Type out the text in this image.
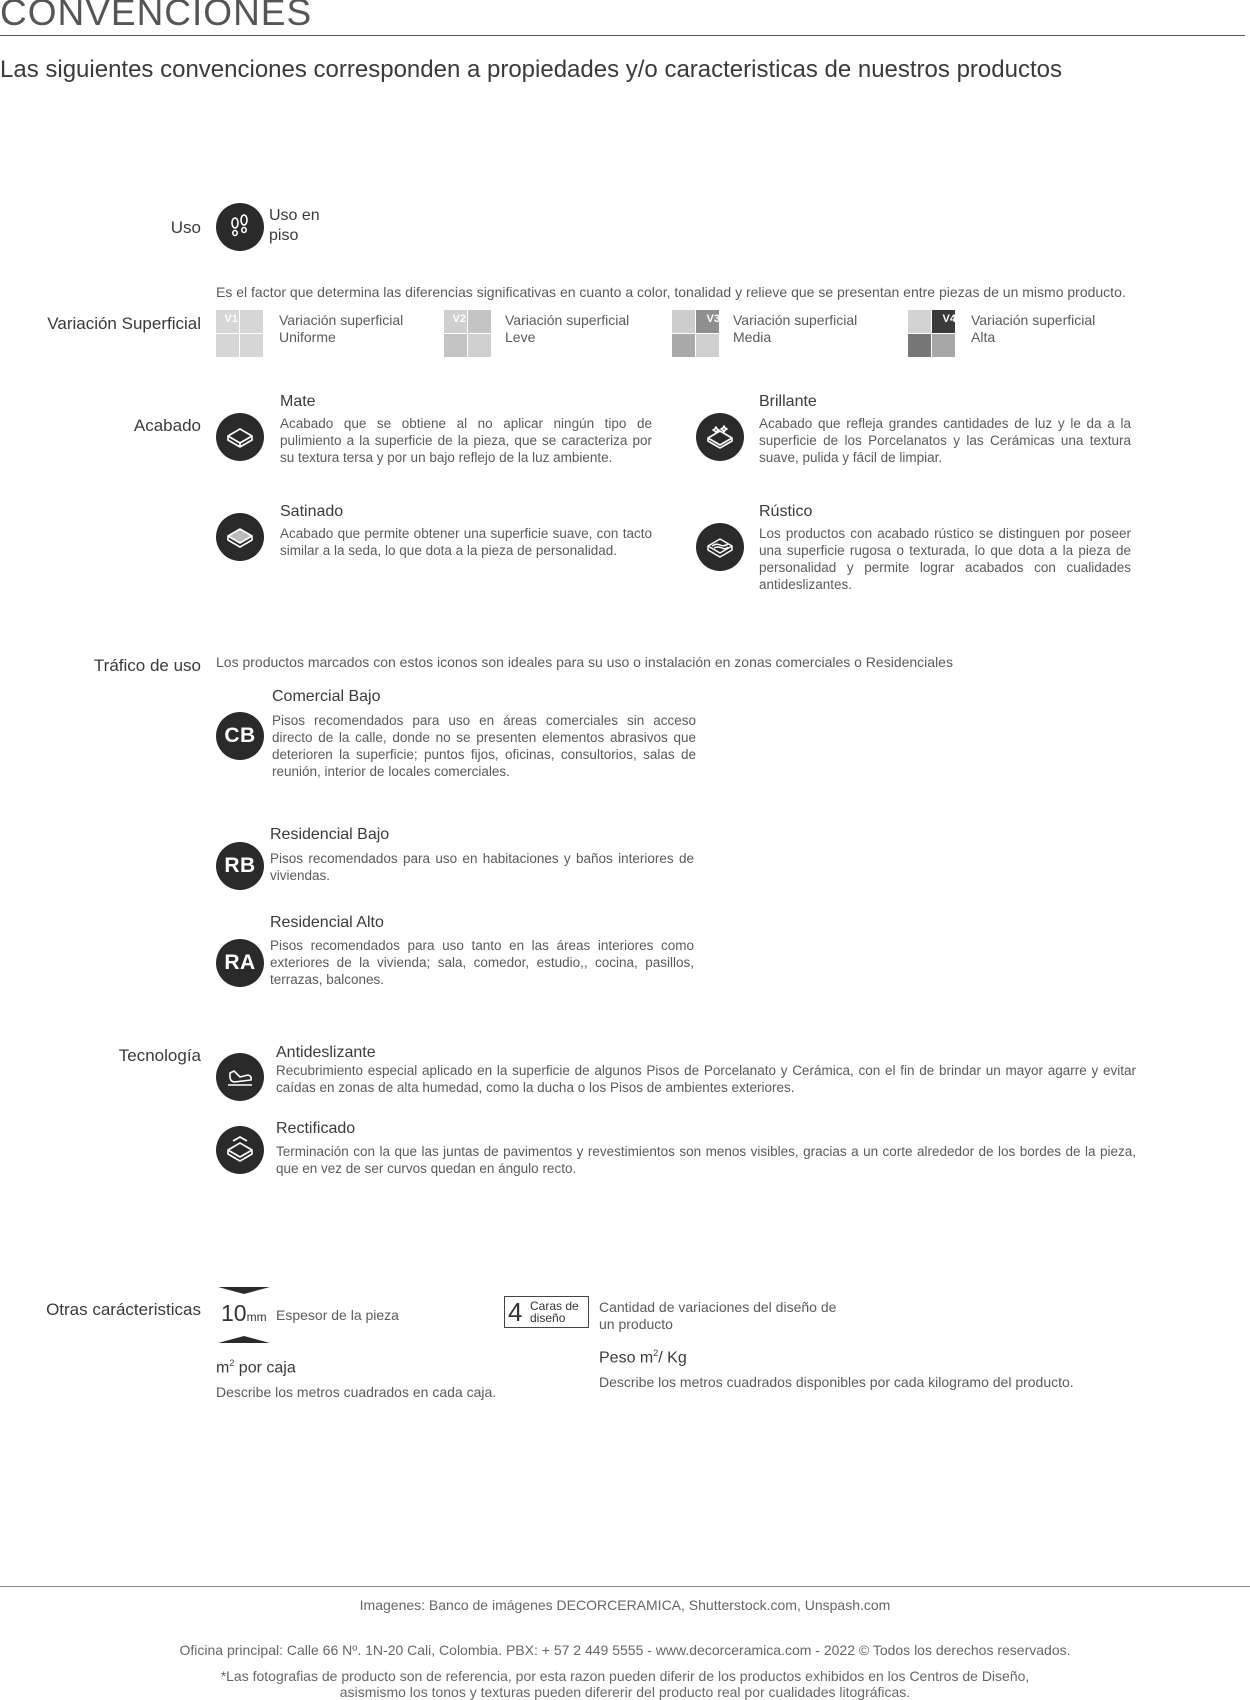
CONVENCIONES
Las siguientes convenciones corresponden a propiedades y/o caracteristicas de nuestros productos
Uso
Uso en
piso
Es el factor que determina las diferencias significativas en cuanto a color, tonalidad y relieve que se presentan entre piezas de un mismo producto.
Variación Superficial V1	Variación superficial
Uniforme
V2	Variación superficial
Leve
V3 Variación superficial
Media
V4 Variación superficial
Alta
Acabado
Mate
Acabado que se obtiene al no aplicar ningún tipo de pulimiento a la superficie de la pieza, que se caracteriza por su textura tersa y por un bajo reflejo de la luz ambiente.
Brillante
Acabado que refleja grandes cantidades de luz y le da a la superficie de los Porcelanatos y las Cerámicas una textura suave, pulida y fácil de limpiar.
Satinado
Acabado que permite obtener una superficie suave, con tacto similar a la seda, lo que dota a la pieza de personalidad.
Rústico
Los productos con acabado rústico se distinguen por poseer una superficie rugosa o texturada, lo que dota a la pieza de personalidad y permite lograr acabados con cualidades antideslizantes.
Tráfico de uso Los productos marcados con estos iconos son ideales para su uso o instalación en zonas comerciales o Residenciales
CB
Comercial Bajo
Pisos recomendados para uso en áreas comerciales sin acceso directo de la calle, donde no se presenten elementos abrasivos que deterioren la superficie; puntos fijos, oficinas, consultorios, salas de reunión, interior de locales comerciales.
RB
Residencial Bajo
Pisos recomendados para uso en habitaciones y baños interiores de viviendas.
RA
Residencial Alto
Pisos recomendados para uso tanto en las áreas interiores como exteriores de la vivienda; sala, comedor, estudio,, cocina, pasillos, terrazas, balcones.
Tecnología	Antideslizante
Recubrimiento especial aplicado en la superficie de algunos Pisos de Porcelanato y Cerámica, con el fin de brindar un mayor agarre y evitar caídas en zonas de alta humedad, como la ducha o los Pisos de ambientes exteriores.
Rectificado
Terminación con la que las juntas de pavimentos y revestimientos son menos visibles, gracias a un corte alrededor de los bordes de la pieza, que en vez de ser curvos quedan en ángulo recto.
Otras carácteristicas 10mm Espesor de la pieza	4 Caras de
diseño
Cantidad de variaciones del diseño de
un producto
$m^2$ por caja
Describe los metros cuadrados en cada caja.
Peso $m^2/$ Kg
Describe los metros cuadrados disponibles por cada kilogramo del producto.
Imagenes: Banco de imágenes DECORCERAMICA, Shutterstock.com, Unspash.com
Oficina principal: Calle 66 Nº. 1N-20 Cali, Colombia. PBX: + 57 2 449 5555 - www.decorceramica.com - 2022 © Todos los derechos reservados.
*Las fotografias de producto son de referencia, por esta razon pueden diferir de los productos exhibidos en los Centros de Diseño,
asismismo los tonos y texturas pueden difererir del producto real por cualidades litográficas.
